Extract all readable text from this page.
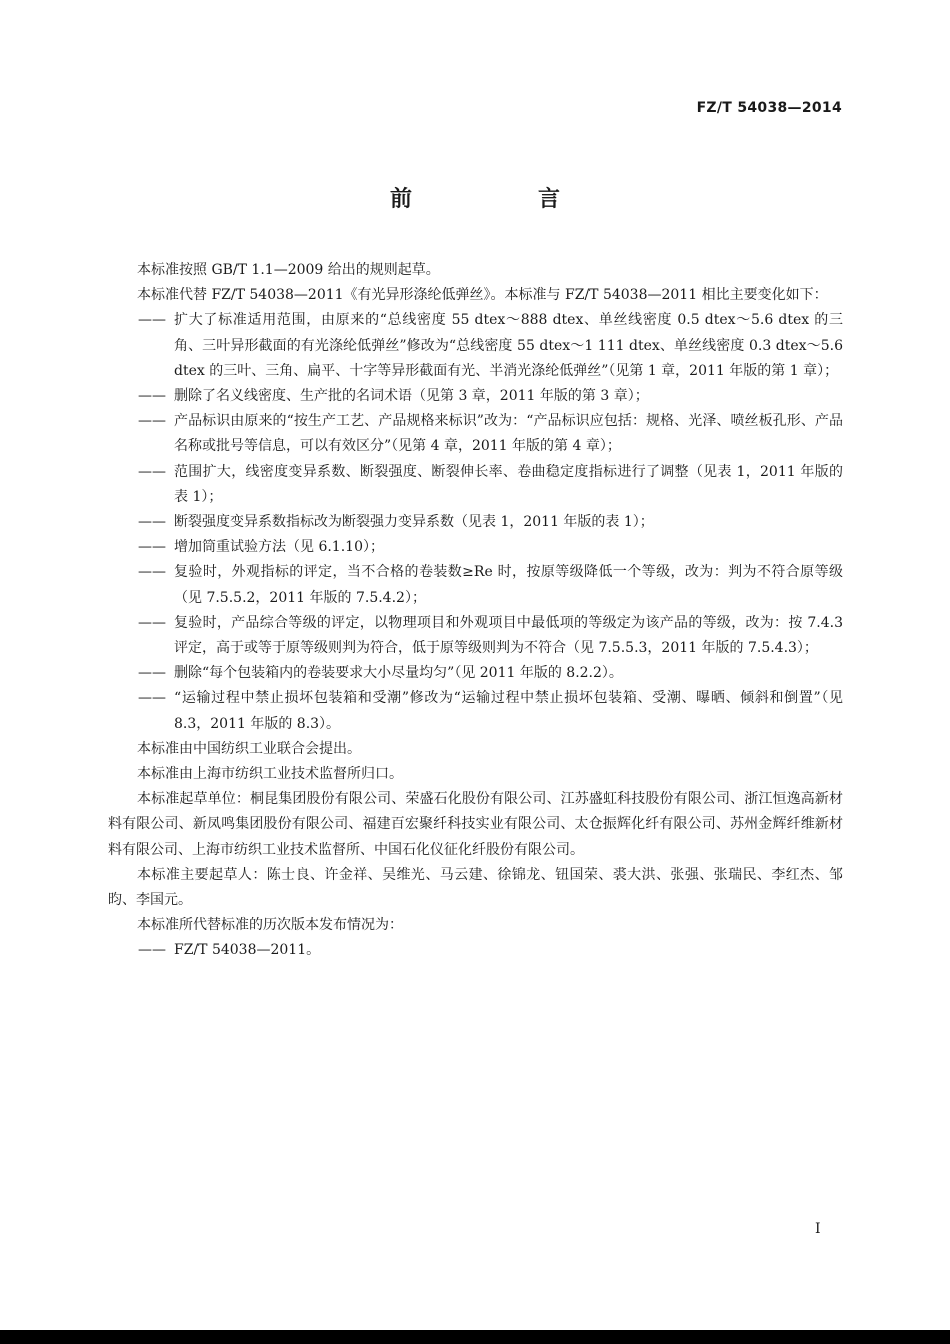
FZ/T 54038—2014
前　言

本标准按照 GB/T 1.1—2009 给出的规则起草。

本标准代替 FZ/T 54038—2011《有光异形涤纶低弹丝》。本标准与 FZ/T 54038—2011 相比主要变化如下：

—— 扩大了标准适用范围，由原来的“总线密度 55 dtex～888 dtex、单丝线密度 0.5 dtex～5.6 dtex 的三角、三叶异形截面的有光涤纶低弹丝”修改为“总线密度 55 dtex～1 111 dtex、单丝线密度 0.3 dtex～5.6 dtex 的三叶、三角、扁平、十字等异形截面有光、半消光涤纶低弹丝”（见第 1 章，2011 年版的第 1 章）；

—— 删除了名义线密度、生产批的名词术语（见第 3 章，2011 年版的第 3 章）；

—— 产品标识由原来的“按生产工艺、产品规格来标识”改为：“产品标识应包括：规格、光泽、喷丝板孔形、产品名称或批号等信息，可以有效区分”（见第 4 章，2011 年版的第 4 章）；

—— 范围扩大，线密度变异系数、断裂强度、断裂伸长率、卷曲稳定度指标进行了调整（见表 1，2011 年版的表 1）；

—— 断裂强度变异系数指标改为断裂强力变异系数（见表 1，2011 年版的表 1）；

—— 增加筒重试验方法（见 6.1.10）；

—— 复验时，外观指标的评定，当不合格的卷装数≥Re 时，按原等级降低一个等级，改为：判为不符合原等级（见 7.5.5.2，2011 年版的 7.5.4.2）；

—— 复验时，产品综合等级的评定，以物理项目和外观项目中最低项的等级定为该产品的等级，改为：按 7.4.3 评定，高于或等于原等级则判为符合，低于原等级则判为不符合（见 7.5.5.3，2011 年版的 7.5.4.3）；

—— 删除“每个包装箱内的卷装要求大小尽量均匀”（见 2011 年版的 8.2.2）。

—— “运输过程中禁止损坏包装箱和受潮”修改为“运输过程中禁止损坏包装箱、受潮、曝晒、倾斜和倒置”（见 8.3，2011 年版的 8.3）。

本标准由中国纺织工业联合会提出。

本标准由上海市纺织工业技术监督所归口。

本标准起草单位：桐昆集团股份有限公司、荣盛石化股份有限公司、江苏盛虹科技股份有限公司、浙江恒逸高新材料有限公司、新凤鸣集团股份有限公司、福建百宏聚纤科技实业有限公司、太仓振辉化纤有限公司、苏州金辉纤维新材料有限公司、上海市纺织工业技术监督所、中国石化仪征化纤股份有限公司。

本标准主要起草人：陈士良、许金祥、吴维光、马云建、徐锦龙、钮国荣、裘大洪、张强、张瑞民、李红杰、邹昀、李国元。

本标准所代替标准的历次版本发布情况为：

—— FZ/T 54038—2011。

I
